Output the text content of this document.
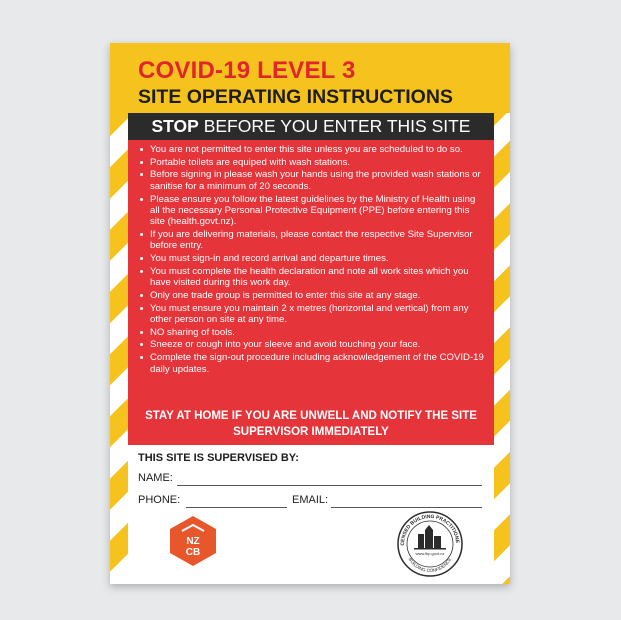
COVID-19 LEVEL 3
SITE OPERATING INSTRUCTIONS
STOP BEFORE YOU ENTER THIS SITE
You are not permitted to enter this site unless you are scheduled to do so.
Portable toilets are equiped with wash stations.
Before signing in please wash your hands using the provided wash stations or sanitise for a minimum of 20 seconds.
Please ensure you follow the latest guidelines by the Ministry of Health using all the necessary Personal Protective Equipment (PPE) before entering this site (health.govt.nz).
If you are delivering materials, please contact the respective Site Supervisor before entry.
You must sign-in and record arrival and departure times.
You must complete the health declaration and note all work sites which you have visited during this work day.
Only one trade group is permitted to enter this site at any stage.
You must ensure you maintain 2 x metres (horizontal and vertical) from any other person on site at any time.
NO sharing of tools.
Sneeze or cough into your sleeve and avoid touching your face.
Complete the sign-out procedure including acknowledgement of the COVID-19 daily updates.
STAY AT HOME IF YOU ARE UNWELL AND NOTIFY THE SITE SUPERVISOR IMMEDIATELY
THIS SITE IS SUPERVISED BY:
NAME:
PHONE:	EMAIL:
NZ
CB	www.lbp.govt.nz
CENSED BUILDING PRACTITIONE
BUILDING CONFIDENCE
